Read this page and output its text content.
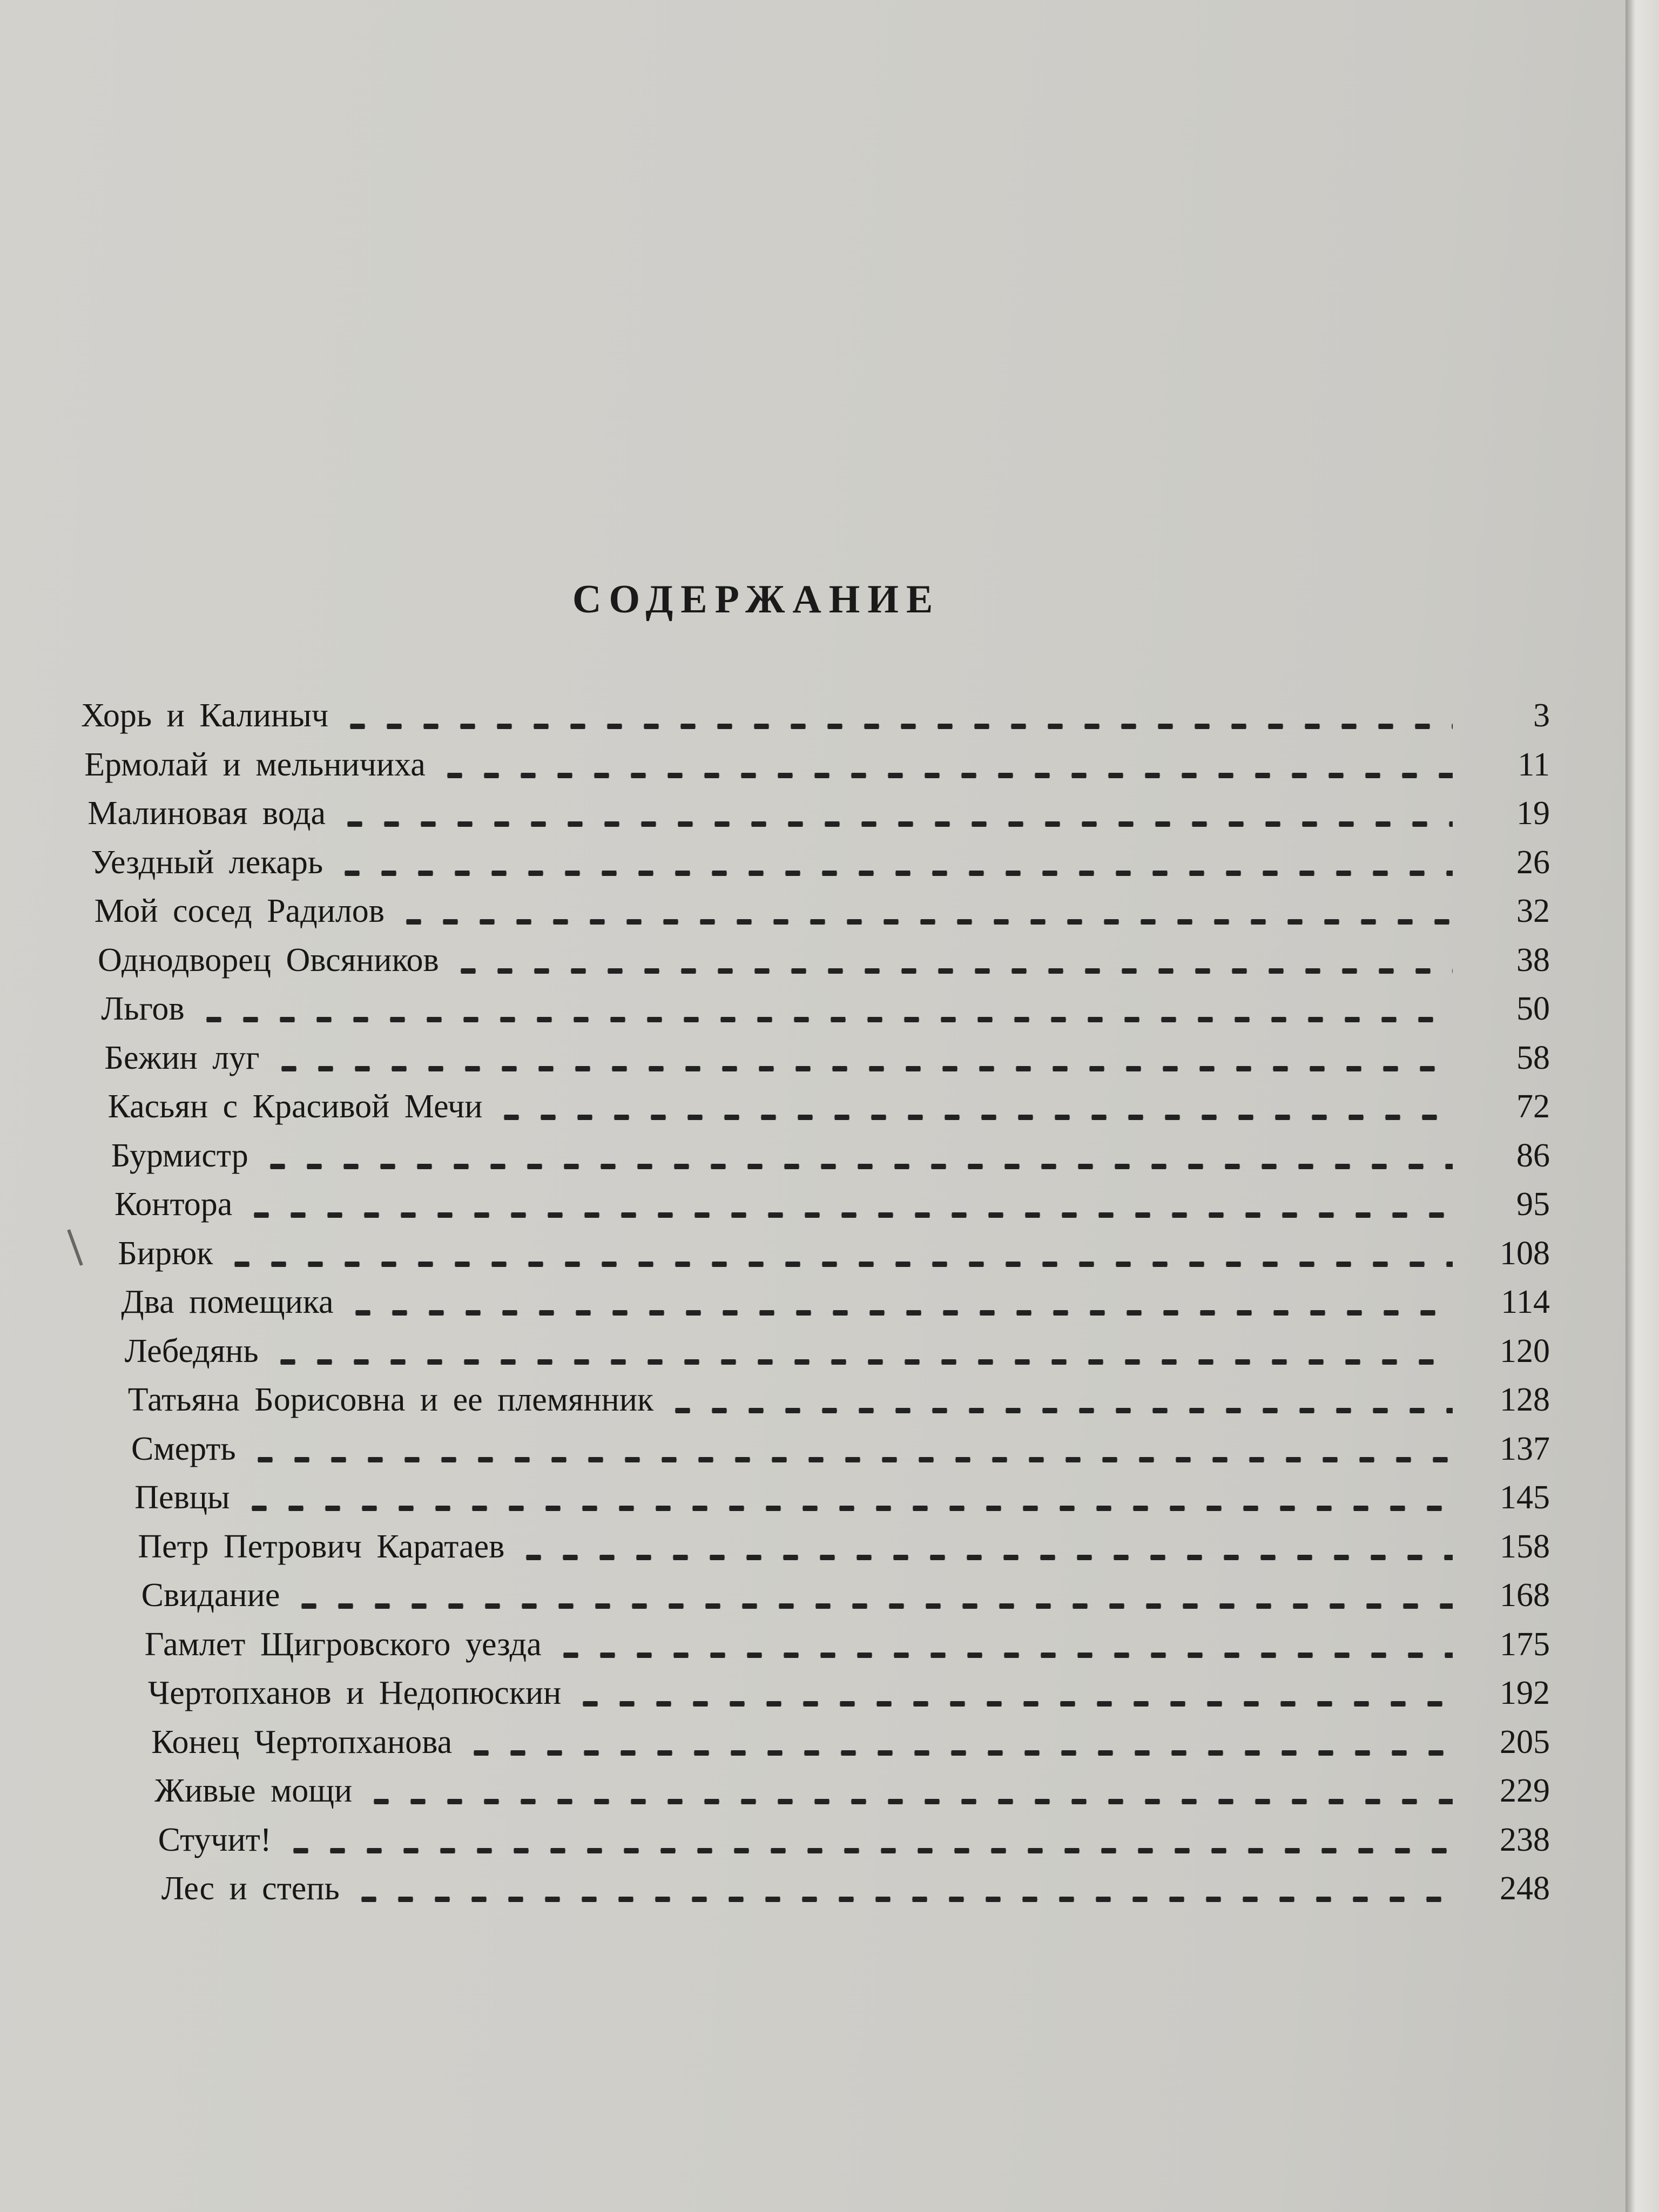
СОДЕРЖАНИЕ
Хорь и Калиныч	3
Ермолай и мельничиха	11
Малиновая вода	19
Уездный лекарь	26
Мой сосед Радилов	32
Однодворец Овсяников	38
Льгов	50
Бежин луг	58
Касьян с Красивой Мечи	72
Бурмистр	86
Контора	95
Бирюк	108
Два помещика	114
Лебедянь	120
Татьяна Борисовна и ее племянник	128
Смерть	137
Певцы	145
Петр Петрович Каратаев	158
Свидание	168
Гамлет Щигровского уезда	175
Чертопханов и Недопюскин	192
Конец Чертопханова	205
Живые мощи	229
Стучит!	238
Лес и степь	248
